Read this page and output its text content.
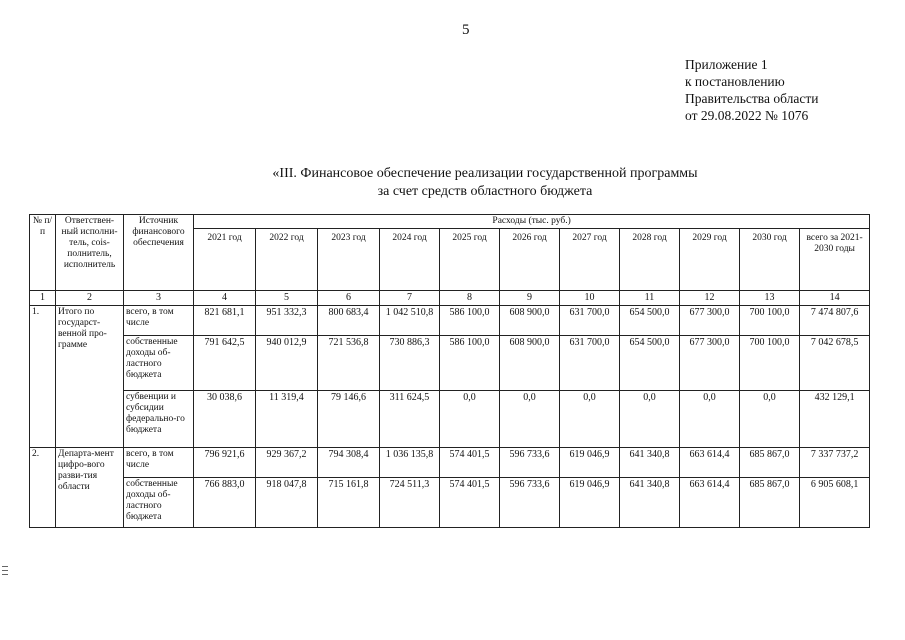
5
Приложение 1
к постановлению
Правительства области
от 29.08.2022 № 1076
«III. Финансовое обеспечение реализации государственной программы
за счет средств областного бюджета
№ п/п	Ответствен-ный исполни-тель, сois-полнитель, исполнитель	Источник финансового обеспечения	Расходы (тыс. руб.)										
			2021 год	2022 год	2023 год	2024 год	2025 год	2026 год	2027 год	2028 год	2029 год	2030 год	всего за 2021-2030 годы
1	2	3	4	5	6	7	8	9	10	11	12	13	14
1.	Итого по государст-венной про-грамме	всего, в том числе	821 681,1	951 332,3	800 683,4	1 042 510,8	586 100,0	608 900,0	631 700,0	654 500,0	677 300,0	700 100,0	7 474 807,6
		собственные доходы об-ластного бюджета	791 642,5	940 012,9	721 536,8	730 886,3	586 100,0	608 900,0	631 700,0	654 500,0	677 300,0	700 100,0	7 042 678,5
		субвенции и субсидии федерально-го бюджета	30 038,6	11 319,4	79 146,6	311 624,5	0,0	0,0	0,0	0,0	0,0	0,0	432 129,1
2.	Департа-мент цифро-вого разви-тия области	всего, в том числе	796 921,6	929 367,2	794 308,4	1 036 135,8	574 401,5	596 733,6	619 046,9	641 340,8	663 614,4	685 867,0	7 337 737,2
		собственные доходы об-ластного бюджета	766 883,0	918 047,8	715 161,8	724 511,3	574 401,5	596 733,6	619 046,9	641 340,8	663 614,4	685 867,0	6 905 608,1
